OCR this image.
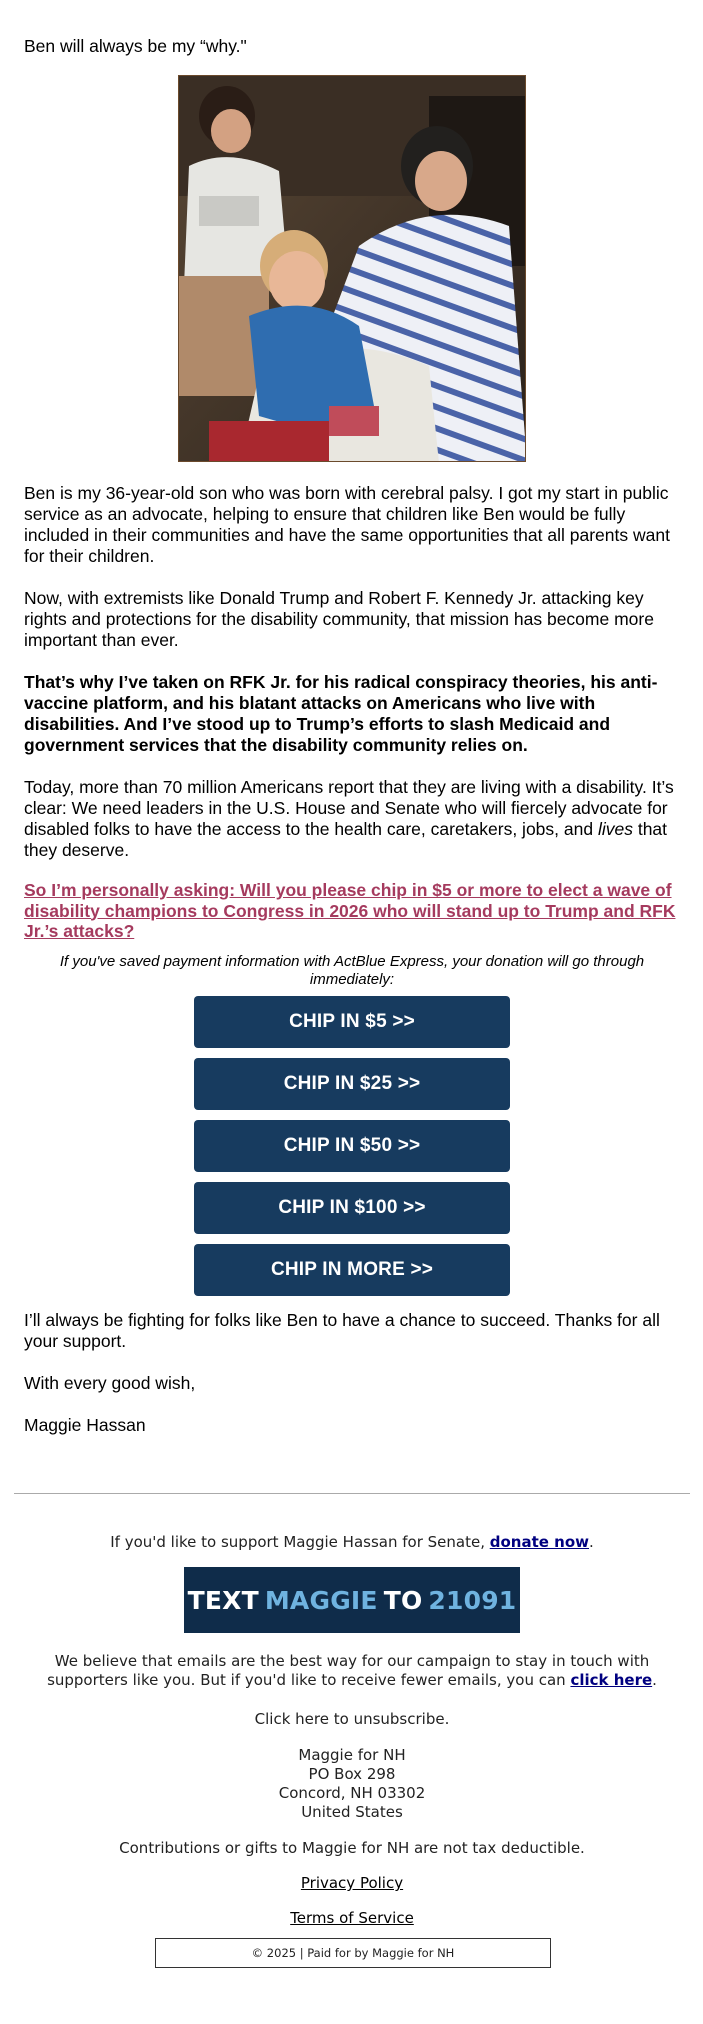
Ben will always be my “why."
Ben is my 36-year-old son who was born with cerebral palsy. I got my start in public service as an advocate, helping to ensure that children like Ben would be fully included in their communities and have the same opportunities that all parents want for their children.
Now, with extremists like Donald Trump and Robert F. Kennedy Jr. attacking key rights and protections for the disability community, that mission has become more important than ever.
That’s why I’ve taken on RFK Jr. for his radical conspiracy theories, his anti-vaccine platform, and his blatant attacks on Americans who live with disabilities. And I’ve stood up to Trump’s efforts to slash Medicaid and government services that the disability community relies on.
Today, more than 70 million Americans report that they are living with a disability. It’s clear: We need leaders in the U.S. House and Senate who will fiercely advocate for disabled folks to have the access to the health care, caretakers, jobs, and lives that they deserve.
So I’m personally asking: Will you please chip in $5 or more to elect a wave of disability champions to Congress in 2026 who will stand up to Trump and RFK Jr.’s attacks?
If you've saved payment information with ActBlue Express, your donation will go through immediately:
CHIP IN $5 >>
CHIP IN $25 >>
CHIP IN $50 >>
CHIP IN $100 >>
CHIP IN MORE >>
I’ll always be fighting for folks like Ben to have a chance to succeed. Thanks for all your support.
With every good wish,
Maggie Hassan
If you'd like to support Maggie Hassan for Senate, donate now.
TEXT MAGGIE TO 21091
We believe that emails are the best way for our campaign to stay in touch with supporters like you. But if you'd like to receive fewer emails, you can click here.
Click here to unsubscribe.
Maggie for NH
PO Box 298
Concord, NH 03302
United States
Contributions or gifts to Maggie for NH are not tax deductible.
Privacy Policy
Terms of Service
© 2025 | Paid for by Maggie for NH
